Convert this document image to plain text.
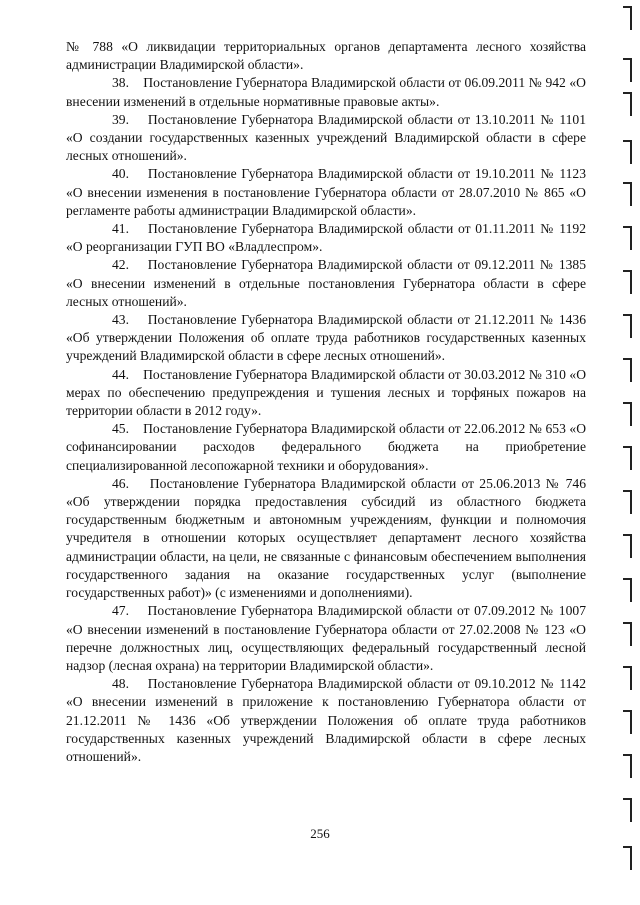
№ 788 «О ликвидации территориальных органов департамента лесного хозяйства администрации Владимирской области».

38. Постановление Губернатора Владимирской области от 06.09.2011 № 942 «О внесении изменений в отдельные нормативные правовые акты».

39. Постановление Губернатора Владимирской области от 13.10.2011 № 1101 «О создании государственных казенных учреждений Владимирской области в сфере лесных отношений».

40. Постановление Губернатора Владимирской области от 19.10.2011 № 1123 «О внесении изменения в постановление Губернатора области от 28.07.2010 № 865 «О регламенте работы администрации Владимирской области».

41. Постановление Губернатора Владимирской области от 01.11.2011 № 1192 «О реорганизации ГУП ВО «Владлеспром».

42. Постановление Губернатора Владимирской области от 09.12.2011 № 1385 «О внесении изменений в отдельные постановления Губернатора области в сфере лесных отношений».

43. Постановление Губернатора Владимирской области от 21.12.2011 № 1436 «Об утверждении Положения об оплате труда работников государственных казенных учреждений Владимирской области в сфере лесных отношений».

44. Постановление Губернатора Владимирской области от 30.03.2012 № 310 «О мерах по обеспечению предупреждения и тушения лесных и торфяных пожаров на территории области в 2012 году».

45. Постановление Губернатора Владимирской области от 22.06.2012 № 653 «О софинансировании расходов федерального бюджета на приобретение специализированной лесопожарной техники и оборудования».

46. Постановление Губернатора Владимирской области от 25.06.2013 № 746 «Об утверждении порядка предоставления субсидий из областного бюджета государственным бюджетным и автономным учреждениям, функции и полномочия учредителя в отношении которых осуществляет департамент лесного хозяйства администрации области, на цели, не связанные с финансовым обеспечением выполнения государственного задания на оказание государственных услуг (выполнение государственных работ)» (с изменениями и дополнениями).

47. Постановление Губернатора Владимирской области от 07.09.2012 № 1007 «О внесении изменений в постановление Губернатора области от 27.02.2008 № 123 «О перечне должностных лиц, осуществляющих федеральный государственный лесной надзор (лесная охрана) на территории Владимирской области».

48. Постановление Губернатора Владимирской области от 09.10.2012 № 1142 «О внесении изменений в приложение к постановлению Губернатора области от 21.12.2011 № 1436 «Об утверждении Положения об оплате труда работников государственных казенных учреждений Владимирской области в сфере лесных отношений».

256
